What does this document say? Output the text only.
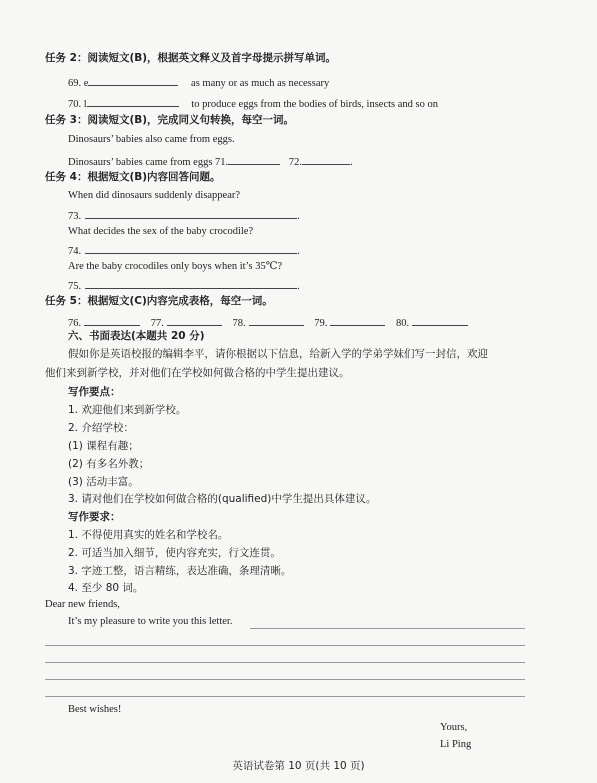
任务 2：阅读短文(B)，根据英文释义及首字母提示拼写单词。
69. e	as many or as much as necessary
70. l	to produce eggs from the bodies of birds, insects and so on
任务 3：阅读短文(B)，完成同义句转换，每空一词。
Dinosaurs’ babies also came from eggs.
Dinosaurs’ babies came from eggs 71.	72.	.
任务 4：根据短文(B)内容回答问题。
When did dinosaurs suddenly disappear?
73.	.
What decides the sex of the baby crocodile?
74.	.
Are the baby crocodiles only boys when it’s 35℃?
75.	.
任务 5：根据短文(C)内容完成表格，每空一词。
76.	77.	78.	79.	80.
六、书面表达(本题共 20 分)
假如你是英语校报的编辑李平，请你根据以下信息，给新入学的学弟学妹们写一封信，欢迎
他们来到新学校，并对他们在学校如何做合格的中学生提出建议。
写作要点：
1. 欢迎他们来到新学校。
2. 介绍学校：
(1) 课程有趣；
(2) 有多名外教；
(3) 活动丰富。
3. 请对他们在学校如何做合格的(qualified)中学生提出具体建议。
写作要求：
1. 不得使用真实的姓名和学校名。
2. 可适当加入细节，使内容充实，行文连贯。
3. 字迹工整，语言精练，表达准确，条理清晰。
4. 至少 80 词。
Dear new friends,
It’s my pleasure to write you this letter.
Best wishes!
Yours,
Li Ping
英语试卷第 10 页(共 10 页)
